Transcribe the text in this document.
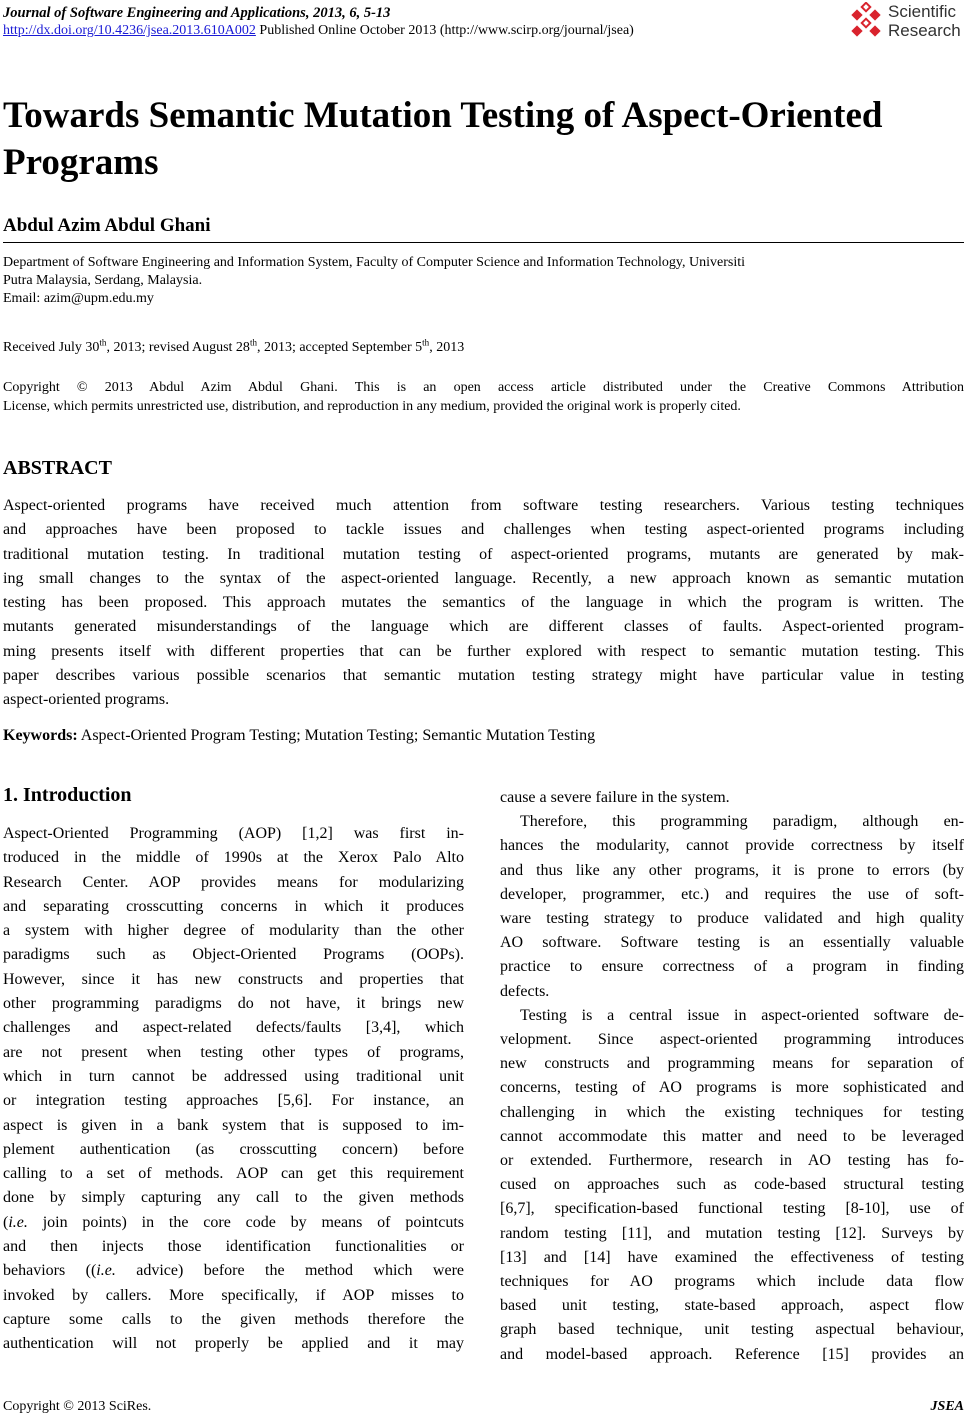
Journal of Software Engineering and Applications, 2013, 6, 5-13
http://dx.doi.org/10.4236/jsea.2013.610A002 Published Online October 2013 (http://www.scirp.org/journal/jsea)
Scientific
Research
Towards Semantic Mutation Testing of Aspect-Oriented
Programs
Abdul Azim Abdul Ghani
Department of Software Engineering and Information System, Faculty of Computer Science and Information Technology, Universiti
Putra Malaysia, Serdang, Malaysia.
Email: azim@upm.edu.my
Received July 30th, 2013; revised August 28th, 2013; accepted September 5th, 2013
Copyright © 2013 Abdul Azim Abdul Ghani. This is an open access article distributed under the Creative Commons Attribution
License, which permits unrestricted use, distribution, and reproduction in any medium, provided the original work is properly cited.
ABSTRACT
Aspect-oriented programs have received much attention from software testing researchers. Various testing techniques
and approaches have been proposed to tackle issues and challenges when testing aspect-oriented programs including
traditional mutation testing. In traditional mutation testing of aspect-oriented programs, mutants are generated by mak-
ing small changes to the syntax of the aspect-oriented language. Recently, a new approach known as semantic mutation
testing has been proposed. This approach mutates the semantics of the language in which the program is written. The
mutants generated misunderstandings of the language which are different classes of faults. Aspect-oriented program-
ming presents itself with different properties that can be further explored with respect to semantic mutation testing. This
paper describes various possible scenarios that semantic mutation testing strategy might have particular value in testing
aspect-oriented programs.
Keywords: Aspect-Oriented Program Testing; Mutation Testing; Semantic Mutation Testing
1. Introduction
Aspect-Oriented Programming (AOP) [1,2] was first in-
troduced in the middle of 1990s at the Xerox Palo Alto
Research Center. AOP provides means for modularizing
and separating crosscutting concerns in which it produces
a system with higher degree of modularity than the other
paradigms such as Object-Oriented Programs (OOPs).
However, since it has new constructs and properties that
other programming paradigms do not have, it brings new
challenges and aspect-related defects/faults [3,4], which
are not present when testing other types of programs,
which in turn cannot be addressed using traditional unit
or integration testing approaches [5,6]. For instance, an
aspect is given in a bank system that is supposed to im-
plement authentication (as crosscutting concern) before
calling to a set of methods. AOP can get this requirement
done by simply capturing any call to the given methods
(i.e. join points) in the core code by means of pointcuts
and then injects those identification functionalities or
behaviors ((i.e. advice) before the method which were
invoked by callers. More specifically, if AOP misses to
capture some calls to the given methods therefore the
authentication will not properly be applied and it may
cause a severe failure in the system.
Therefore, this programming paradigm, although en-
hances the modularity, cannot provide correctness by itself
and thus like any other programs, it is prone to errors (by
developer, programmer, etc.) and requires the use of soft-
ware testing strategy to produce validated and high quality
AO software. Software testing is an essentially valuable
practice to ensure correctness of a program in finding
defects.
Testing is a central issue in aspect-oriented software de-
velopment. Since aspect-oriented programming introduces
new constructs and programming means for separation of
concerns, testing of AO programs is more sophisticated and
challenging in which the existing techniques for testing
cannot accommodate this matter and need to be leveraged
or extended. Furthermore, research in AO testing has fo-
cused on approaches such as code-based structural testing
[6,7], specification-based functional testing [8-10], use of
random testing [11], and mutation testing [12]. Surveys by
[13] and [14] have examined the effectiveness of testing
techniques for AO programs which include data flow
based unit testing, state-based approach, aspect flow
graph based technique, unit testing aspectual behaviour,
and model-based approach. Reference [15] provides an
Copyright © 2013 SciRes.	JSEA
